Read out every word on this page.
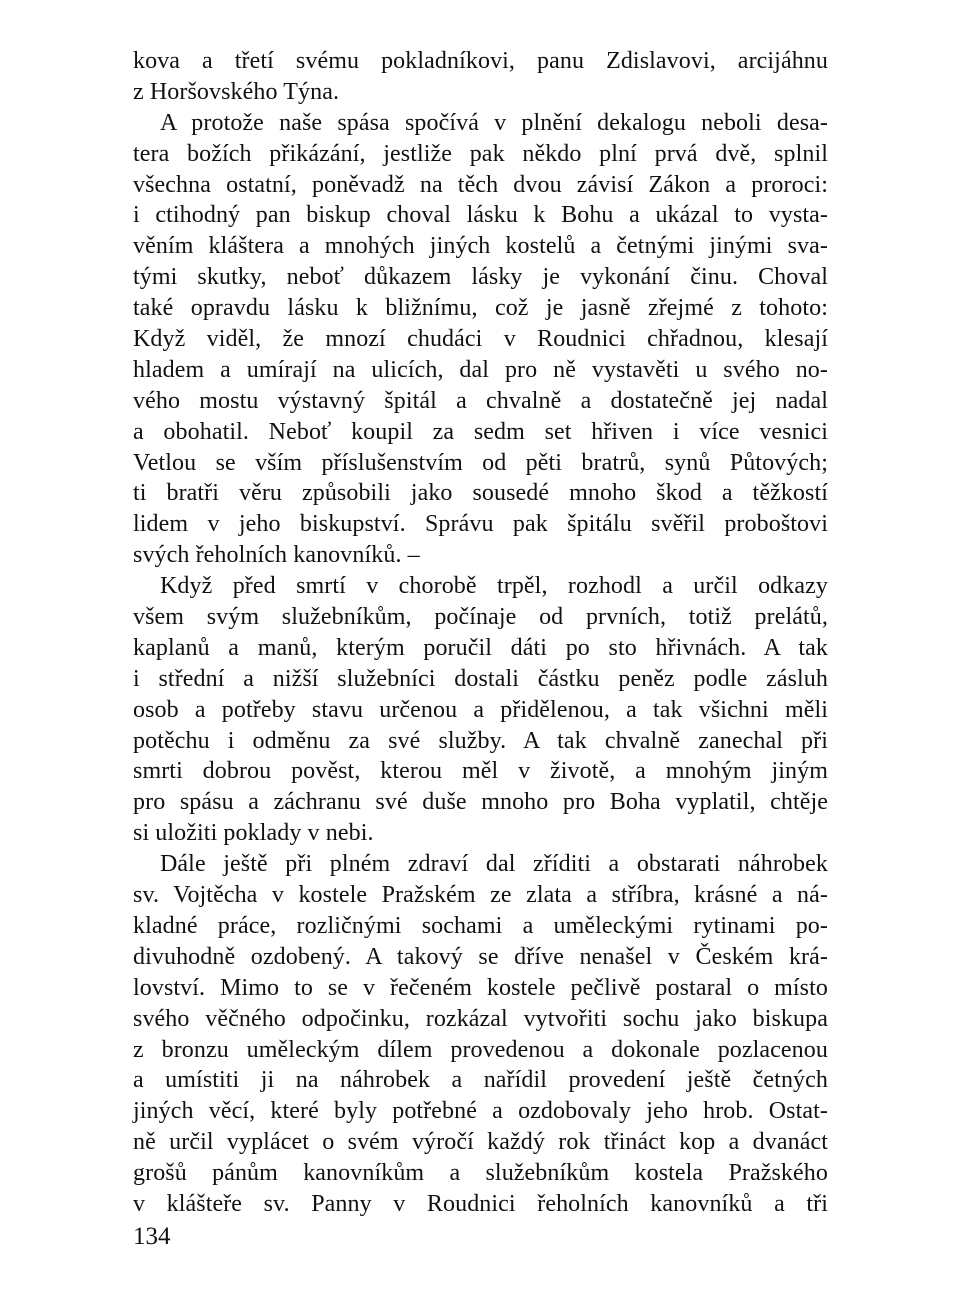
kova a třetí svému pokladníkovi, panu Zdislavovi, arcijáhnu
z Horšovského Týna.
A protože naše spása spočívá v plnění dekalogu neboli desa-
tera božích přikázání, jestliže pak někdo plní prvá dvě, splnil
všechna ostatní, poněvadž na těch dvou závisí Zákon a proroci:
i ctihodný pan biskup choval lásku k Bohu a ukázal to vysta-
věním kláštera a mnohých jiných kostelů a četnými jinými sva-
tými skutky, neboť důkazem lásky je vykonání činu. Choval
také opravdu lásku k bližnímu, což je jasně zřejmé z tohoto:
Když viděl, že mnozí chudáci v Roudnici chřadnou, klesají
hladem a umírají na ulicích, dal pro ně vystavěti u svého no-
vého mostu výstavný špitál a chvalně a dostatečně jej nadal
a obohatil. Neboť koupil za sedm set hřiven i více vesnici
Vetlou se vším příslušenstvím od pěti bratrů, synů Půtových;
ti bratři věru způsobili jako sousedé mnoho škod a těžkostí
lidem v jeho biskupství. Správu pak špitálu svěřil proboštovi
svých řeholních kanovníků. –
Když před smrtí v chorobě trpěl, rozhodl a určil odkazy
všem svým služebníkům, počínaje od prvních, totiž prelátů,
kaplanů a manů, kterým poručil dáti po sto hřivnách. A tak
i střední a nižší služebníci dostali částku peněz podle zásluh
osob a potřeby stavu určenou a přidělenou, a tak všichni měli
potěchu i odměnu za své služby. A tak chvalně zanechal při
smrti dobrou pověst, kterou měl v životě, a mnohým jiným
pro spásu a záchranu své duše mnoho pro Boha vyplatil, chtěje
si uložiti poklady v nebi.
Dále ještě při plném zdraví dal zříditi a obstarati náhrobek
sv. Vojtěcha v kostele Pražském ze zlata a stříbra, krásné a ná-
kladné práce, rozličnými sochami a uměleckými rytinami po-
divuhodně ozdobený. A takový se dříve nenašel v Českém krá-
lovství. Mimo to se v řečeném kostele pečlivě postaral o místo
svého věčného odpočinku, rozkázal vytvořiti sochu jako biskupa
z bronzu uměleckým dílem provedenou a dokonale pozlacenou
a umístiti ji na náhrobek a nařídil provedení ještě četných
jiných věcí, které byly potřebné a ozdobovaly jeho hrob. Ostat-
ně určil vyplácet o svém výročí každý rok třináct kop a dvanáct
grošů pánům kanovníkům a služebníkům kostela Pražského
v klášteře sv. Panny v Roudnici řeholních kanovníků a tři
134
